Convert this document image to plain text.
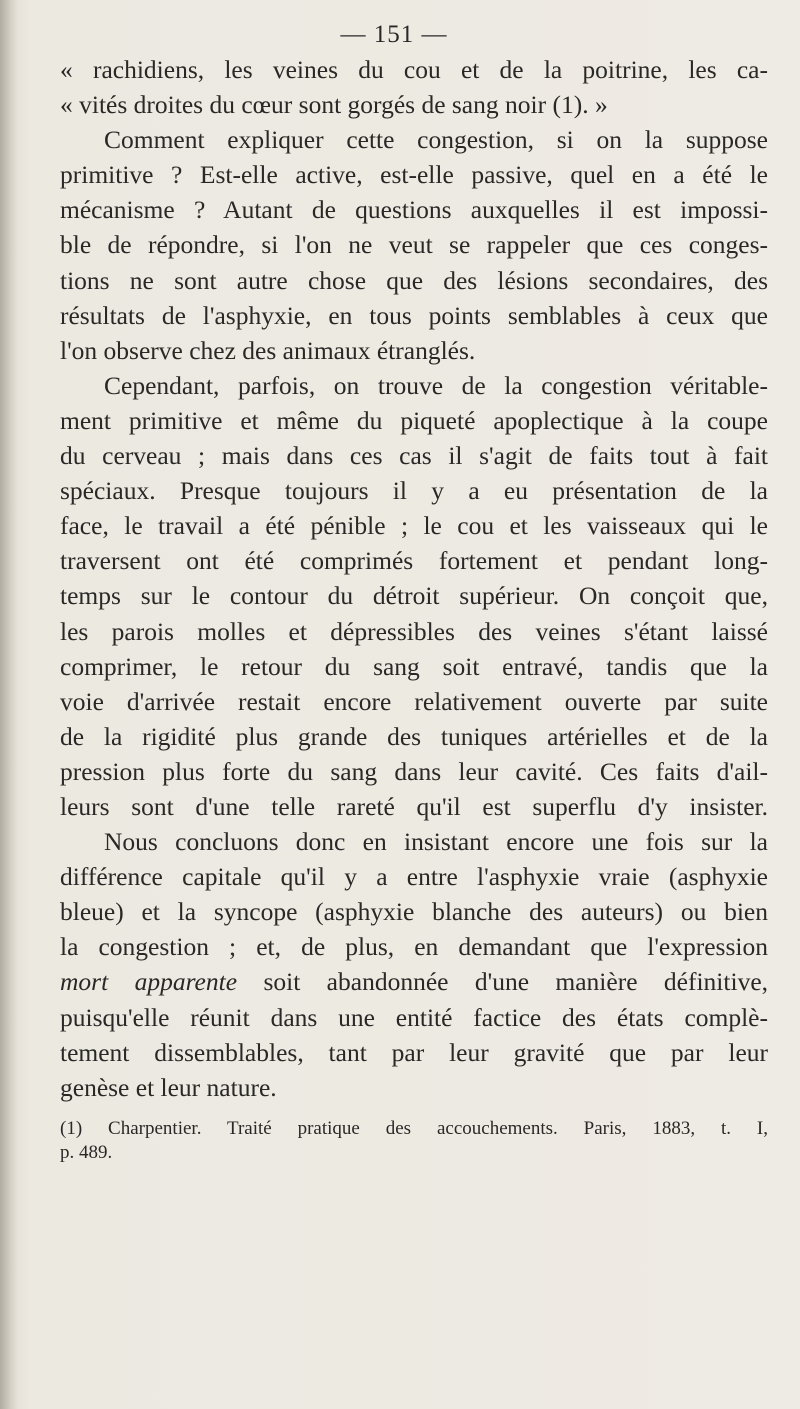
— 151 —
« rachidiens, les veines du cou et de la poitrine, les ca-
« vités droites du cœur sont gorgés de sang noir (1). »
Comment expliquer cette congestion, si on la suppose
primitive ? Est-elle active, est-elle passive, quel en a été le
mécanisme ? Autant de questions auxquelles il est impossi-
ble de répondre, si l'on ne veut se rappeler que ces conges-
tions ne sont autre chose que des lésions secondaires, des
résultats de l'asphyxie, en tous points semblables à ceux que
l'on observe chez des animaux étranglés.
Cependant, parfois, on trouve de la congestion véritable-
ment primitive et même du piqueté apoplectique à la coupe
du cerveau ; mais dans ces cas il s'agit de faits tout à fait
spéciaux. Presque toujours il y a eu présentation de la
face, le travail a été pénible ; le cou et les vaisseaux qui le
traversent ont été comprimés fortement et pendant long-
temps sur le contour du détroit supérieur. On conçoit que,
les parois molles et dépressibles des veines s'étant laissé
comprimer, le retour du sang soit entravé, tandis que la
voie d'arrivée restait encore relativement ouverte par suite
de la rigidité plus grande des tuniques artérielles et de la
pression plus forte du sang dans leur cavité. Ces faits d'ail-
leurs sont d'une telle rareté qu'il est superflu d'y insister.
Nous concluons donc en insistant encore une fois sur la
différence capitale qu'il y a entre l'asphyxie vraie (asphyxie
bleue) et la syncope (asphyxie blanche des auteurs) ou bien
la congestion ; et, de plus, en demandant que l'expression
mort apparente soit abandonnée d'une manière définitive,
puisqu'elle réunit dans une entité factice des états complè-
tement dissemblables, tant par leur gravité que par leur
genèse et leur nature.
(1) Charpentier. Traité pratique des accouchements. Paris, 1883, t. I,
p. 489.
